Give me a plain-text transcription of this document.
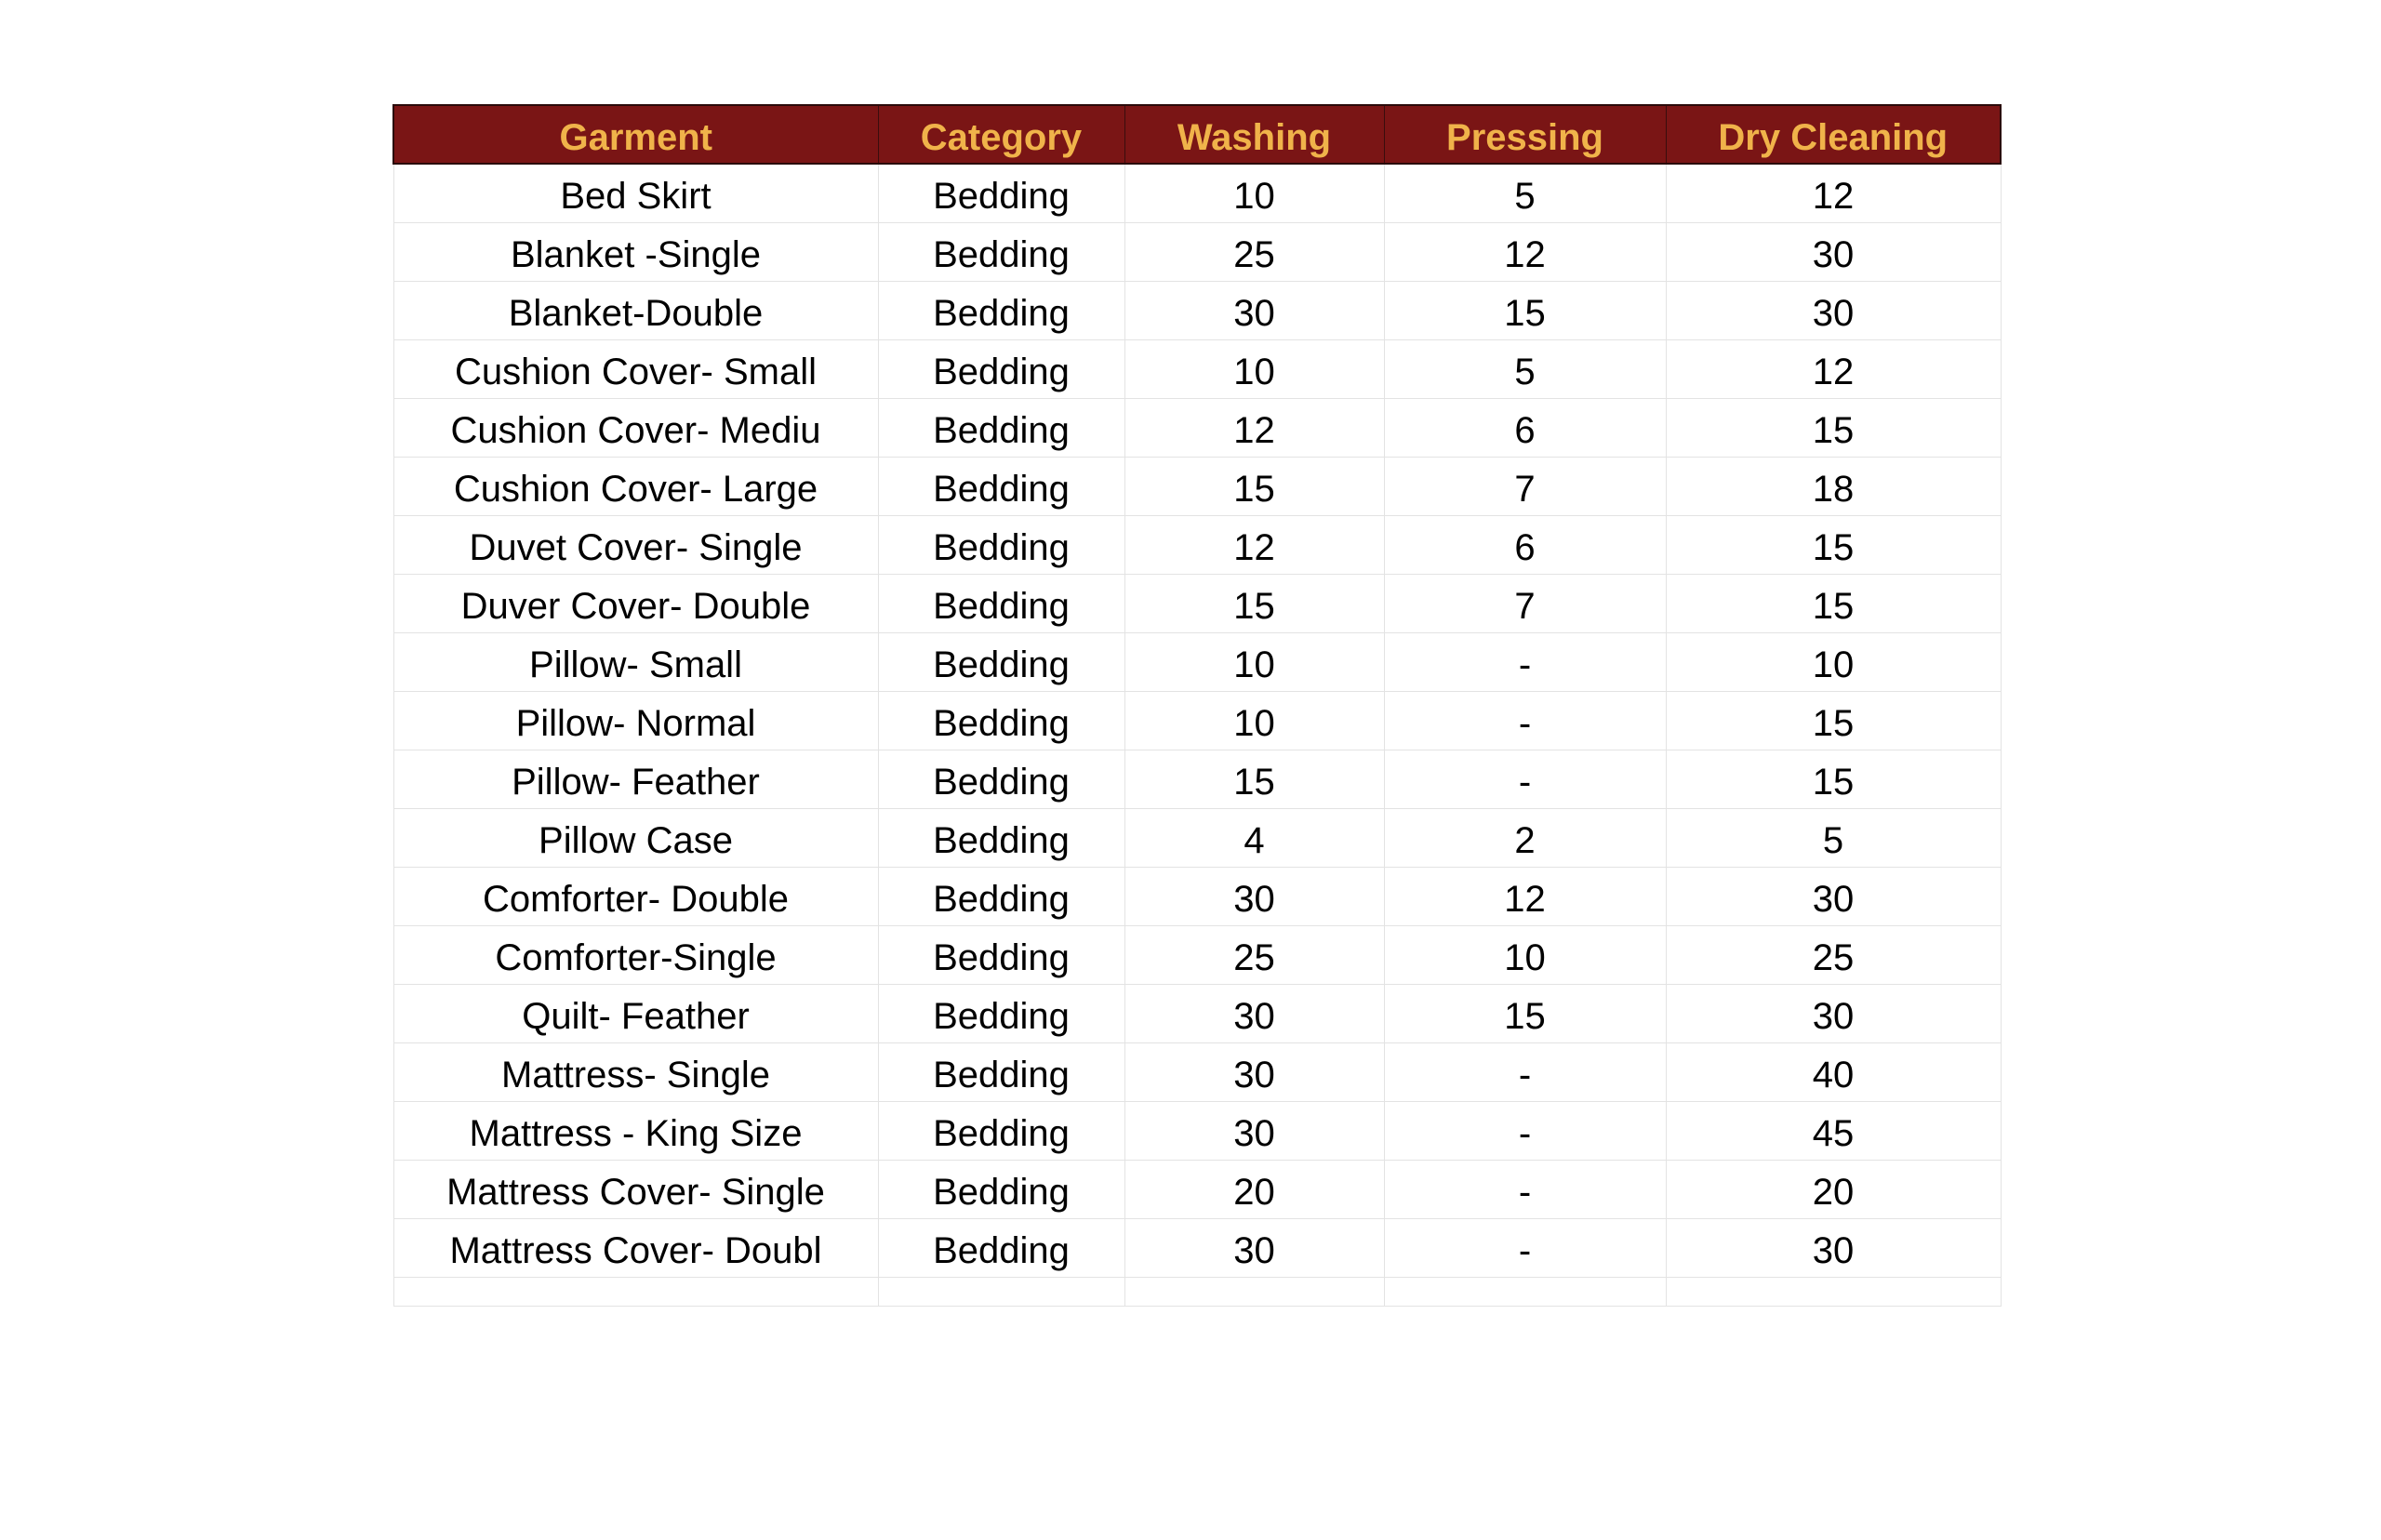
Garment	Category	Washing	Pressing	Dry Cleaning
Bed Skirt	Bedding	10	5	12
Blanket -Single	Bedding	25	12	30
Blanket-Double	Bedding	30	15	30
Cushion Cover- Small	Bedding	10	5	12
Cushion Cover- Mediu	Bedding	12	6	15
Cushion Cover- Large	Bedding	15	7	18
Duvet Cover- Single	Bedding	12	6	15
Duver Cover- Double	Bedding	15	7	15
Pillow- Small	Bedding	10	-	10
Pillow- Normal	Bedding	10	-	15
Pillow- Feather	Bedding	15	-	15
Pillow Case	Bedding	4	2	5
Comforter- Double	Bedding	30	12	30
Comforter-Single	Bedding	25	10	25
Quilt- Feather	Bedding	30	15	30
Mattress- Single	Bedding	30	-	40
Mattress - King Size	Bedding	30	-	45
Mattress Cover- Single	Bedding	20	-	20
Mattress Cover- Doubl	Bedding	30	-	30
